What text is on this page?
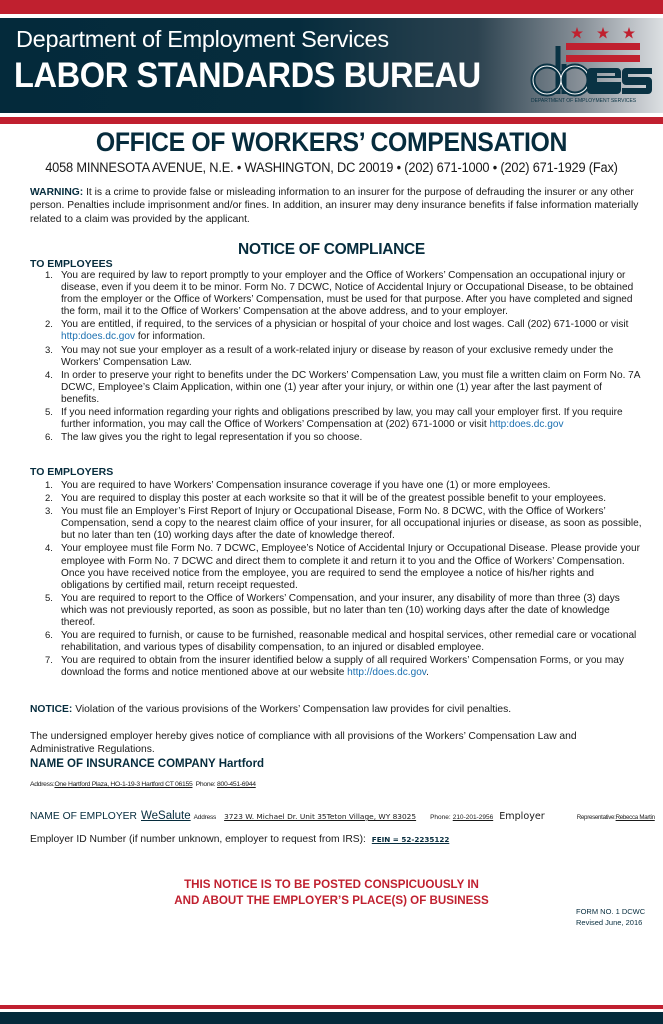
Department of Employment Services
LABOR STANDARDS BUREAU
DEPARTMENT OF EMPLOYMENT SERVICES
OFFICE OF WORKERS’ COMPENSATION
4058 MINNESOTA AVENUE, N.E. • WASHINGTON, DC 20019 • (202) 671-1000 • (202) 671-1929 (Fax)
WARNING: It is a crime to provide false or misleading information to an insurer for the purpose of defrauding the insurer or any other person. Penalties include imprisonment and/or fines. In addition, an insurer may deny insurance benefits if false information materially related to a claim was provided by the applicant.
NOTICE OF COMPLIANCE
TO EMPLOYEES
1. You are required by law to report promptly to your employer and the Office of Workers’ Compensation an occupational injury or disease, even if you deem it to be minor. Form No. 7 DCWC, Notice of Accidental Injury or Occupational Disease, to be obtained from the employer or the Office of Workers’ Compensation, must be used for that purpose. After you have completed and signed the form, mail it to the Office of Workers’ Compensation at the above address, and to your employer.
2. You are entitled, if required, to the services of a physician or hospital of your choice and lost wages. Call (202) 671-1000 or visit http:does.dc.gov for information.
3. You may not sue your employer as a result of a work-related injury or disease by reason of your exclusive remedy under the Workers’ Compensation Law.
4. In order to preserve your right to benefits under the DC Workers’ Compensation Law, you must file a written claim on Form No. 7A DCWC, Employee’s Claim Application, within one (1) year after your injury, or within one (1) year after the last payment of benefits.
5. If you need information regarding your rights and obligations prescribed by law, you may call your employer first. If you require further information, you may call the Office of Workers’ Compensation at (202) 671-1000 or visit http:does.dc.gov
6. The law gives you the right to legal representation if you so choose.
TO EMPLOYERS
1. You are required to have Workers’ Compensation insurance coverage if you have one (1) or more employees.
2. You are required to display this poster at each worksite so that it will be of the greatest possible benefit to your employees.
3. You must file an Employer’s First Report of Injury or Occupational Disease, Form No. 8 DCWC, with the Office of Workers’ Compensation, send a copy to the nearest claim office of your insurer, for all occupational injuries or disease, as soon as possible, but no later than ten (10) working days after the date of knowledge thereof.
4. Your employee must file Form No. 7 DCWC, Employee’s Notice of Accidental Injury or Occupational Disease. Please provide your employee with Form No. 7 DCWC and direct them to complete it and return it to you and the Office of Workers’ Compensation. Once you have received notice from the employee, you are required to send the employee a notice of his/her rights and obligations by certified mail, return receipt requested.
5. You are required to report to the Office of Workers’ Compensation, and your insurer, any disability of more than three (3) days which was not previously reported, as soon as possible, but no later than ten (10) working days after the date of knowledge thereof.
6. You are required to furnish, or cause to be furnished, reasonable medical and hospital services, other remedial care or vocational rehabilitation, and various types of disability compensation, to an injured or disabled employee.
7. You are required to obtain from the insurer identified below a supply of all required Workers’ Compensation Forms, or you may download the forms and notice mentioned above at our website http://does.dc.gov.
NOTICE: Violation of the various provisions of the Workers’ Compensation law provides for civil penalties.
The undersigned employer hereby gives notice of compliance with all provisions of the Workers’ Compensation Law and Administrative Regulations.
NAME OF INSURANCE COMPANY Hartford
Address:One Hartford Plaza, HO-1-19-3 Hartford CT 06155 Phone: 800-451-6944
NAME OF EMPLOYER WeSalute Address 3723 W. Michael Dr. Unit 35Teton Village, WY 83025 Phone: 210-201-2956 Employer	Representative:Rebecca Martin
Employer ID Number (if number unknown, employer to request from IRS): FEIN = 52-2235122
THIS NOTICE IS TO BE POSTED CONSPICUOUSLY IN
AND ABOUT THE EMPLOYER’S PLACE(S) OF BUSINESS
FORM NO. 1 DCWC
Revised June, 2016
